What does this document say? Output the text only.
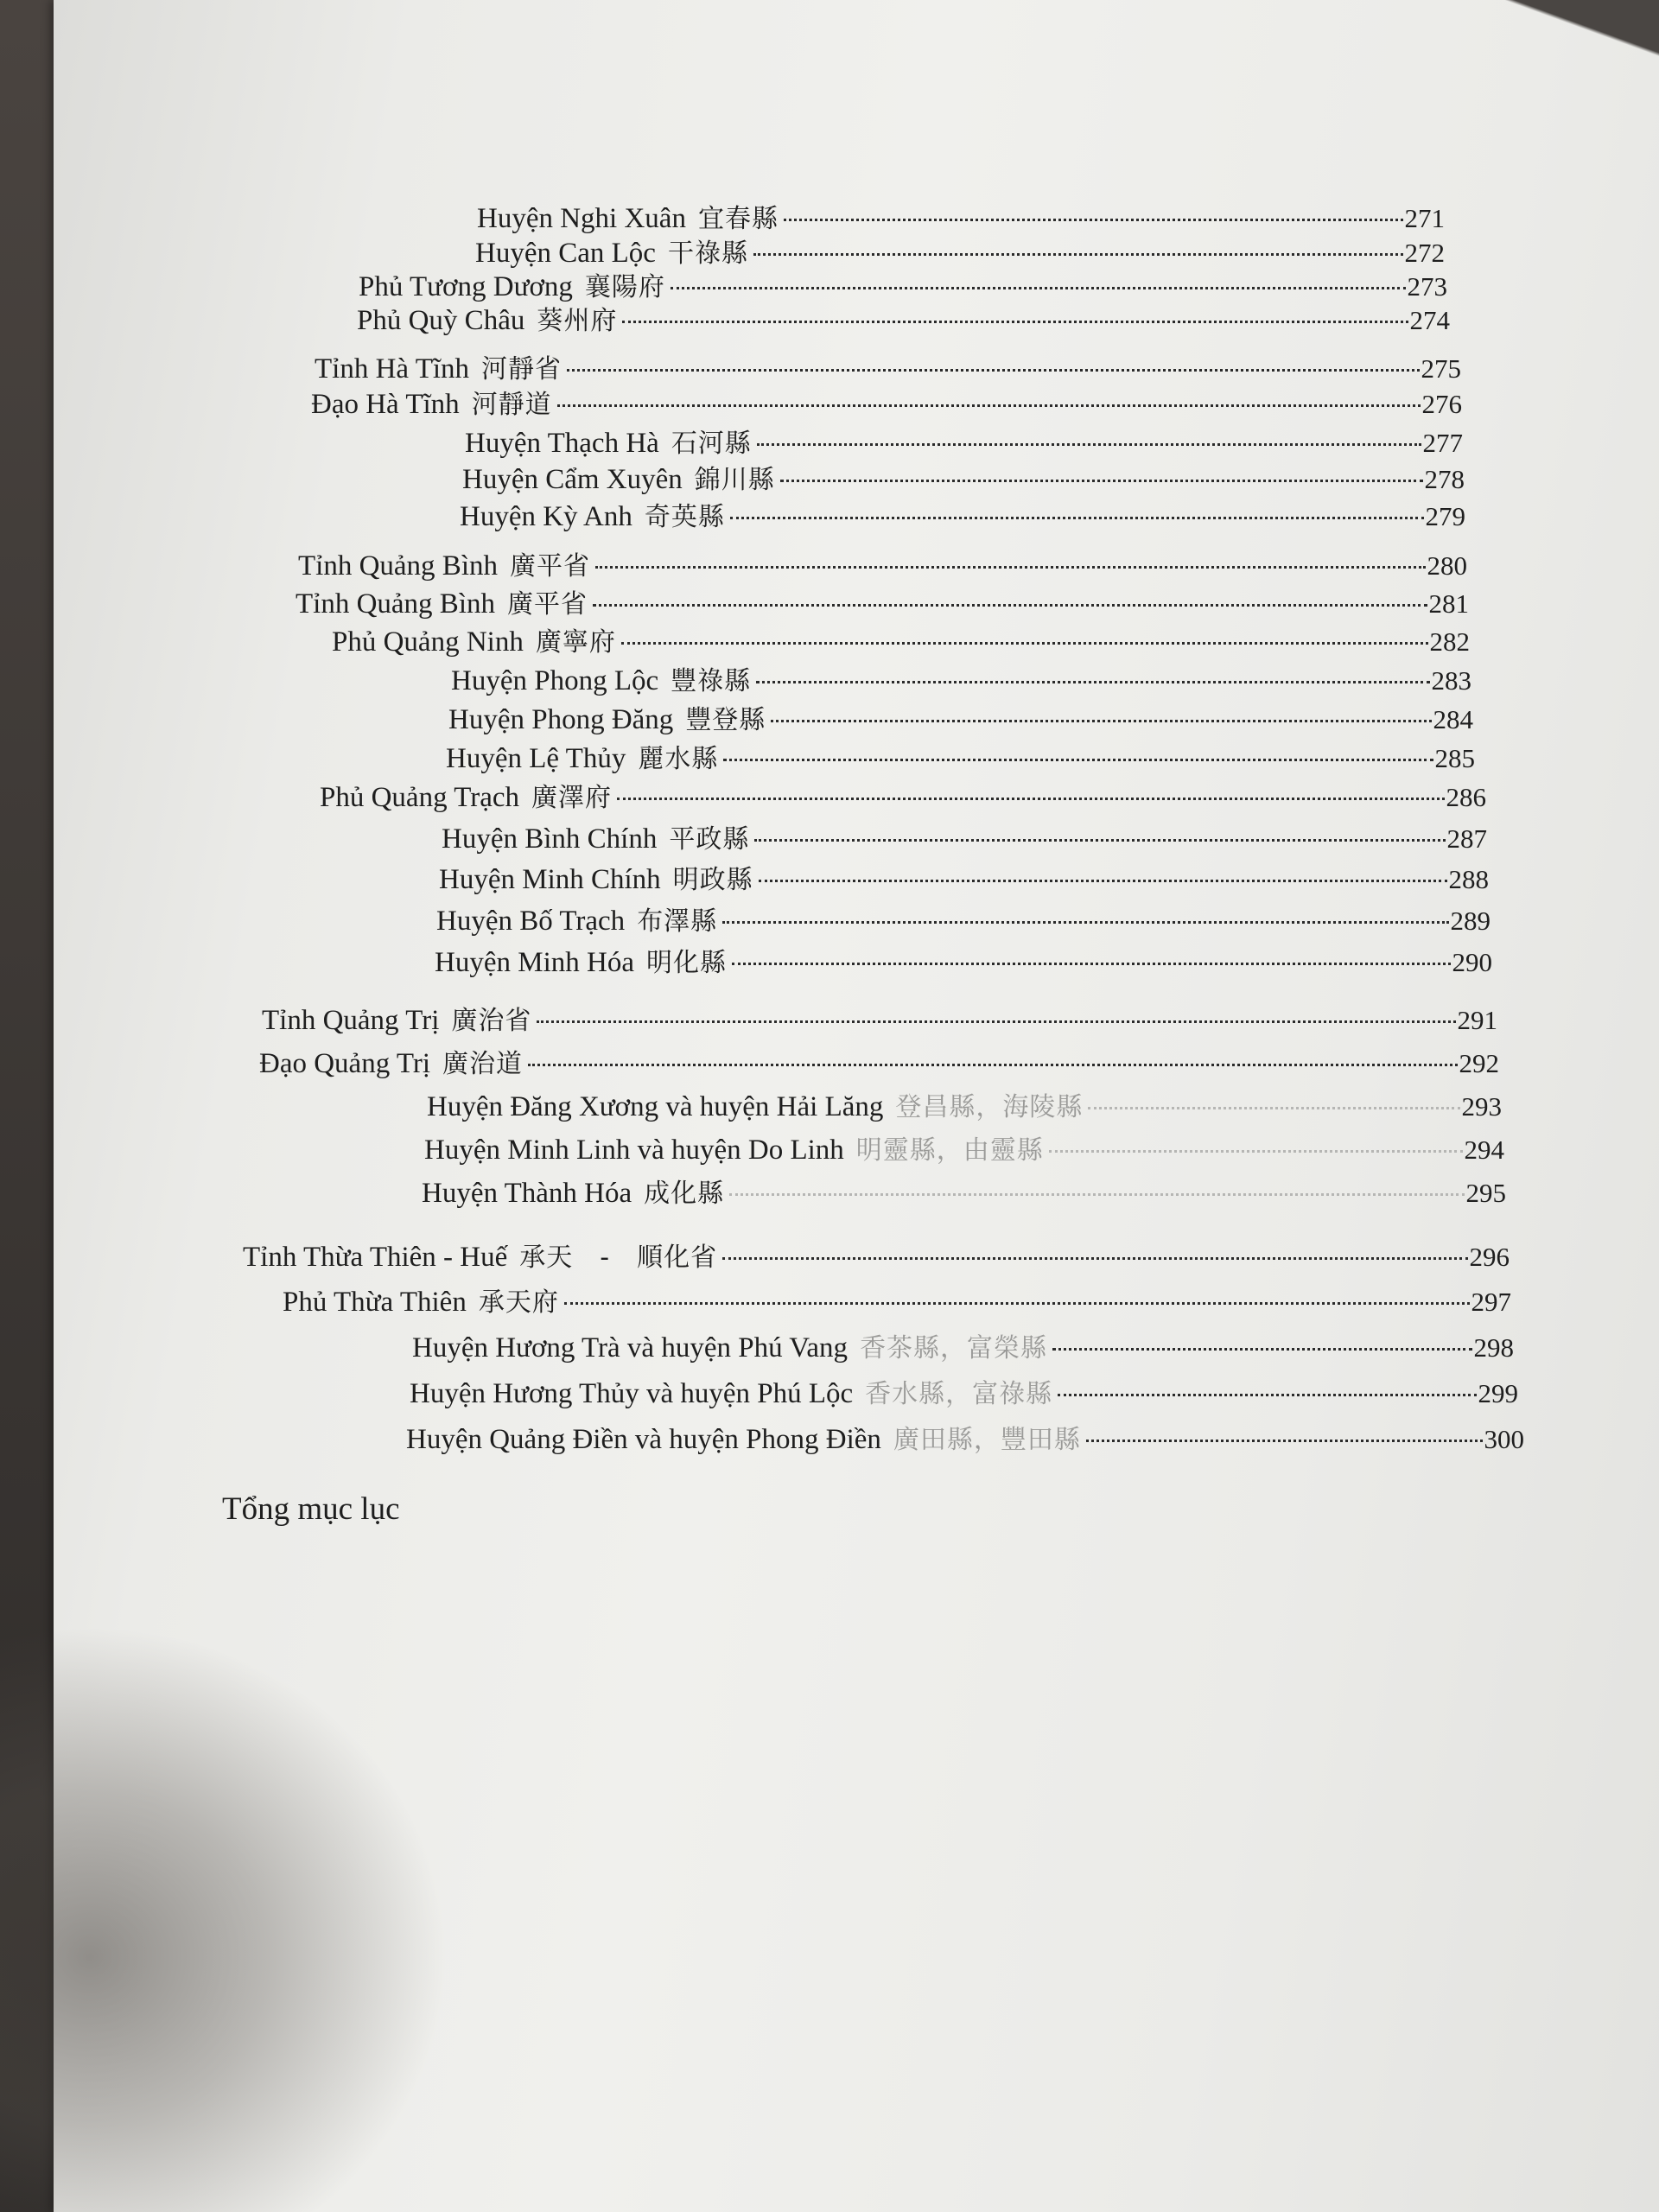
Huyện Nghi Xuân 宜春縣	271
Huyện Can Lộc 干祿縣	272
Phủ Tương Dương 襄陽府	273
Phủ Quỳ Châu 葵州府	274
Tỉnh Hà Tĩnh 河靜省	275
Đạo Hà Tĩnh 河靜道	276
Huyện Thạch Hà 石河縣	277
Huyện Cẩm Xuyên 錦川縣	278
Huyện Kỳ Anh 奇英縣	279
Tỉnh Quảng Bình 廣平省	280
Tỉnh Quảng Bình 廣平省	281
Phủ Quảng Ninh 廣寧府	282
Huyện Phong Lộc 豐祿縣	283
Huyện Phong Đăng 豐登縣	284
Huyện Lệ Thủy 麗水縣	285
Phủ Quảng Trạch 廣澤府	286
Huyện Bình Chính 平政縣	287
Huyện Minh Chính 明政縣	288
Huyện Bố Trạch 布澤縣	289
Huyện Minh Hóa 明化縣	290
Tỉnh Quảng Trị 廣治省	291
Đạo Quảng Trị 廣治道	292
Huyện Đăng Xương và huyện Hải Lăng 登昌縣，海陵縣	293
Huyện Minh Linh và huyện Do Linh 明靈縣，由靈縣	294
Huyện Thành Hóa 成化縣	295
Tỉnh Thừa Thiên - Huế 承天　-　順化省	296
Phủ Thừa Thiên 承天府	297
Huyện Hương Trà và huyện Phú Vang 香茶縣，富榮縣	298
Huyện Hương Thủy và huyện Phú Lộc 香水縣，富祿縣	299
Huyện Quảng Điền và huyện Phong Điền 廣田縣，豐田縣	300
Tổng mục lục
